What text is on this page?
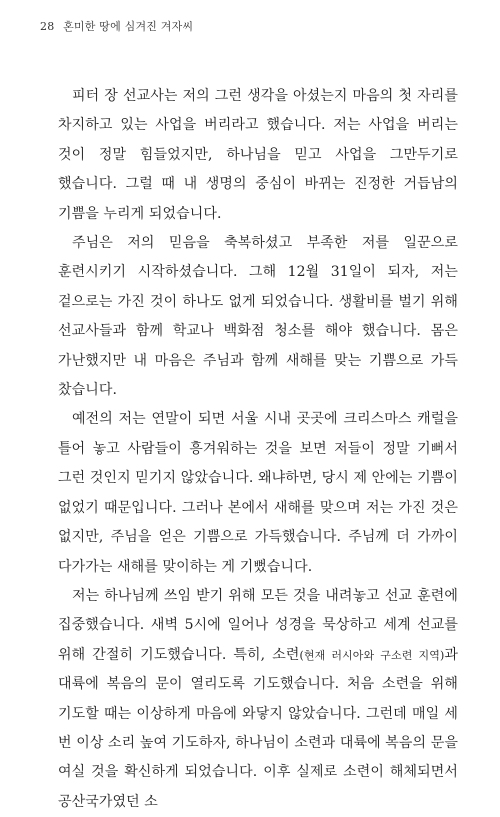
28 혼미한 땅에 심겨진 겨자씨

피터 장 선교사는 저의 그런 생각을 아셨는지 마음의 첫 자리를 차지하고 있는 사업을 버리라고 했습니다. 저는 사업을 버리는 것이 정말 힘들었지만, 하나님을 믿고 사업을 그만두기로 했습니다. 그럴 때 내 생명의 중심이 바뀌는 진정한 거듭남의 기쁨을 누리게 되었습니다.

주님은 저의 믿음을 축복하셨고 부족한 저를 일꾼으로 훈련시키기 시작하셨습니다. 그해 12월 31일이 되자, 저는 겉으로는 가진 것이 하나도 없게 되었습니다. 생활비를 벌기 위해 선교사들과 함께 학교나 백화점 청소를 해야 했습니다. 몸은 가난했지만 내 마음은 주님과 함께 새해를 맞는 기쁨으로 가득 찼습니다.

예전의 저는 연말이 되면 서울 시내 곳곳에 크리스마스 캐럴을 틀어 놓고 사람들이 흥겨워하는 것을 보면 저들이 정말 기뻐서 그런 것인지 믿기지 않았습니다. 왜냐하면, 당시 제 안에는 기쁨이 없었기 때문입니다. 그러나 본에서 새해를 맞으며 저는 가진 것은 없지만, 주님을 얻은 기쁨으로 가득했습니다. 주님께 더 가까이 다가가는 새해를 맞이하는 게 기뻤습니다.

저는 하나님께 쓰임 받기 위해 모든 것을 내려놓고 선교 훈련에 집중했습니다. 새벽 5시에 일어나 성경을 묵상하고 세계 선교를 위해 간절히 기도했습니다. 특히, 소련(현재 러시아와 구소련 지역)과 대륙에 복음의 문이 열리도록 기도했습니다. 처음 소련을 위해 기도할 때는 이상하게 마음에 와닿지 않았습니다. 그런데 매일 세 번 이상 소리 높여 기도하자, 하나님이 소련과 대륙에 복음의 문을 여실 것을 확신하게 되었습니다. 이후 실제로 소련이 해체되면서 공산국가였던 소
